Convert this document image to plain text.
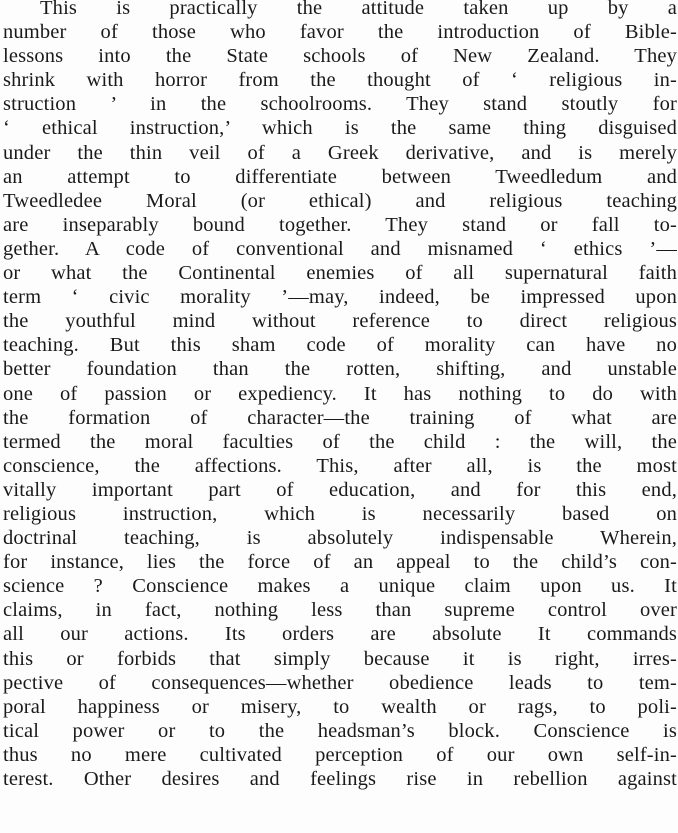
This is practically the attitude taken up by a
number of those who favor the introduction of Bible-
lessons into the State schools of New Zealand. They
shrink with horror from the thought of ‘ religious in-
struction ’ in the schoolrooms. They stand stoutly for
‘ ethical instruction,’ which is the same thing disguised
under the thin veil of a Greek derivative, and is merely
an attempt to differentiate between Tweedledum and
Tweedledee Moral (or ethical) and religious teaching
are inseparably bound together. They stand or fall to-
gether. A code of conventional and misnamed ‘ ethics ’—
or what the Continental enemies of all supernatural faith
term ‘ civic morality ’—may, indeed, be impressed upon
the youthful mind without reference to direct religious
teaching. But this sham code of morality can have no
better foundation than the rotten, shifting, and unstable
one of passion or expediency. It has nothing to do with
the formation of character—the training of what are
termed the moral faculties of the child : the will, the
conscience, the affections. This, after all, is the most
vitally important part of education, and for this end,
religious instruction, which is necessarily based on
doctrinal teaching, is absolutely indispensable Wherein,
for instance, lies the force of an appeal to the child’s con-
science ? Conscience makes a unique claim upon us. It
claims, in fact, nothing less than supreme control over
all our actions. Its orders are absolute It commands
this or forbids that simply because it is right, irres-
pective of consequences—whether obedience leads to tem-
poral happiness or misery, to wealth or rags, to poli-
tical power or to the headsman’s block. Conscience is
thus no mere cultivated perception of our own self-in-
terest. Other desires and feelings rise in rebellion against
